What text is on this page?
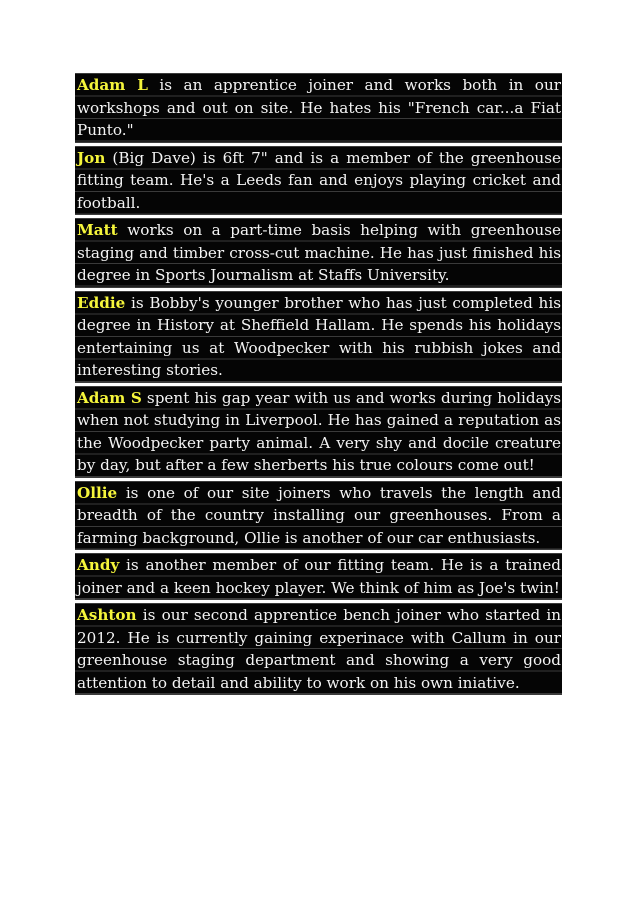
Adam L is an apprentice joiner and works both in our workshops and out on site. He hates his "French car...a Fiat Punto."
Jon (Big Dave) is 6ft 7" and is a member of the greenhouse fitting team. He's a Leeds fan and enjoys playing cricket and football.
Matt works on a part-time basis helping with greenhouse staging and timber cross-cut machine. He has just finished his degree in Sports Journalism at Staffs University.
Eddie is Bobby's younger brother who has just completed his degree in History at Sheffield Hallam. He spends his holidays entertaining us at Woodpecker with his rubbish jokes and interesting stories.
Adam S spent his gap year with us and works during holidays when not studying in Liverpool. He has gained a reputation as the Woodpecker party animal. A very shy and docile creature by day, but after a few sherberts his true colours come out!
Ollie is one of our site joiners who travels the length and breadth of the country installing our greenhouses. From a farming background, Ollie is another of our car enthusiasts.
Andy is another member of our fitting team. He is a trained joiner and a keen hockey player. We think of him as Joe's twin!
Ashton is our second apprentice bench joiner who started in 2012. He is currently gaining experinace with Callum in our greenhouse staging department and showing a very good attention to detail and ability to work on his own iniative.
